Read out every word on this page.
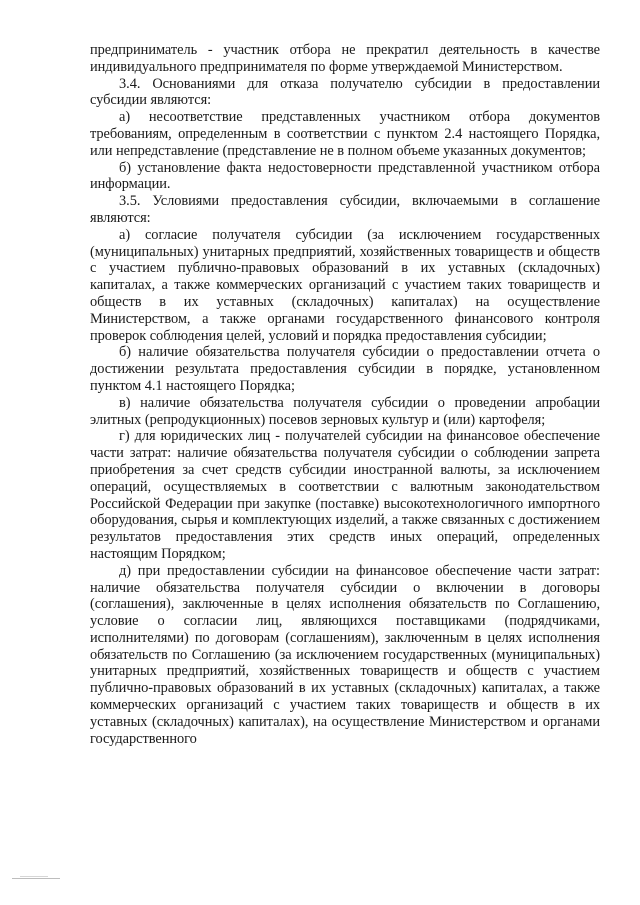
предприниматель - участник отбора не прекратил деятельность в качестве индивидуального предпринимателя по форме утверждаемой Министерством.

3.4. Основаниями для отказа получателю субсидии в предоставлении субсидии являются:

а) несоответствие представленных участником отбора документов требованиям, определенным в соответствии с пунктом 2.4 настоящего Порядка, или непредставление (представление не в полном объеме указанных документов;

б) установление факта недостоверности представленной участником отбора информации.

3.5. Условиями предоставления субсидии, включаемыми в соглашение являются:

а) согласие получателя субсидии (за исключением государственных (муниципальных) унитарных предприятий, хозяйственных товариществ и обществ с участием публично-правовых образований в их уставных (складочных) капиталах, а также коммерческих организаций с участием таких товариществ и обществ в их уставных (складочных) капиталах) на осуществление Министерством, а также органами государственного финансового контроля проверок соблюдения целей, условий и порядка предоставления субсидии;

б) наличие обязательства получателя субсидии о предоставлении отчета о достижении результата предоставления субсидии в порядке, установленном пунктом 4.1 настоящего Порядка;

в) наличие обязательства получателя субсидии о проведении апробации элитных (репродукционных) посевов зерновых культур и (или) картофеля;

г) для юридических лиц - получателей субсидии на финансовое обеспечение части затрат: наличие обязательства получателя субсидии о соблюдении запрета приобретения за счет средств субсидии иностранной валюты, за исключением операций, осуществляемых в соответствии с валютным законодательством Российской Федерации при закупке (поставке) высокотехнологичного импортного оборудования, сырья и комплектующих изделий, а также связанных с достижением результатов предоставления этих средств иных операций, определенных настоящим Порядком;

д) при предоставлении субсидии на финансовое обеспечение части затрат: наличие обязательства получателя субсидии о включении в договоры (соглашения), заключенные в целях исполнения обязательств по Соглашению, условие о согласии лиц, являющихся поставщиками (подрядчиками, исполнителями) по договорам (соглашениям), заключенным в целях исполнения обязательств по Соглашению (за исключением государственных (муниципальных) унитарных предприятий, хозяйственных товариществ и обществ с участием публично-правовых образований в их уставных (складочных) капиталах, а также коммерческих организаций с участием таких товариществ и обществ в их уставных (складочных) капиталах), на осуществление Министерством и органами государственного
